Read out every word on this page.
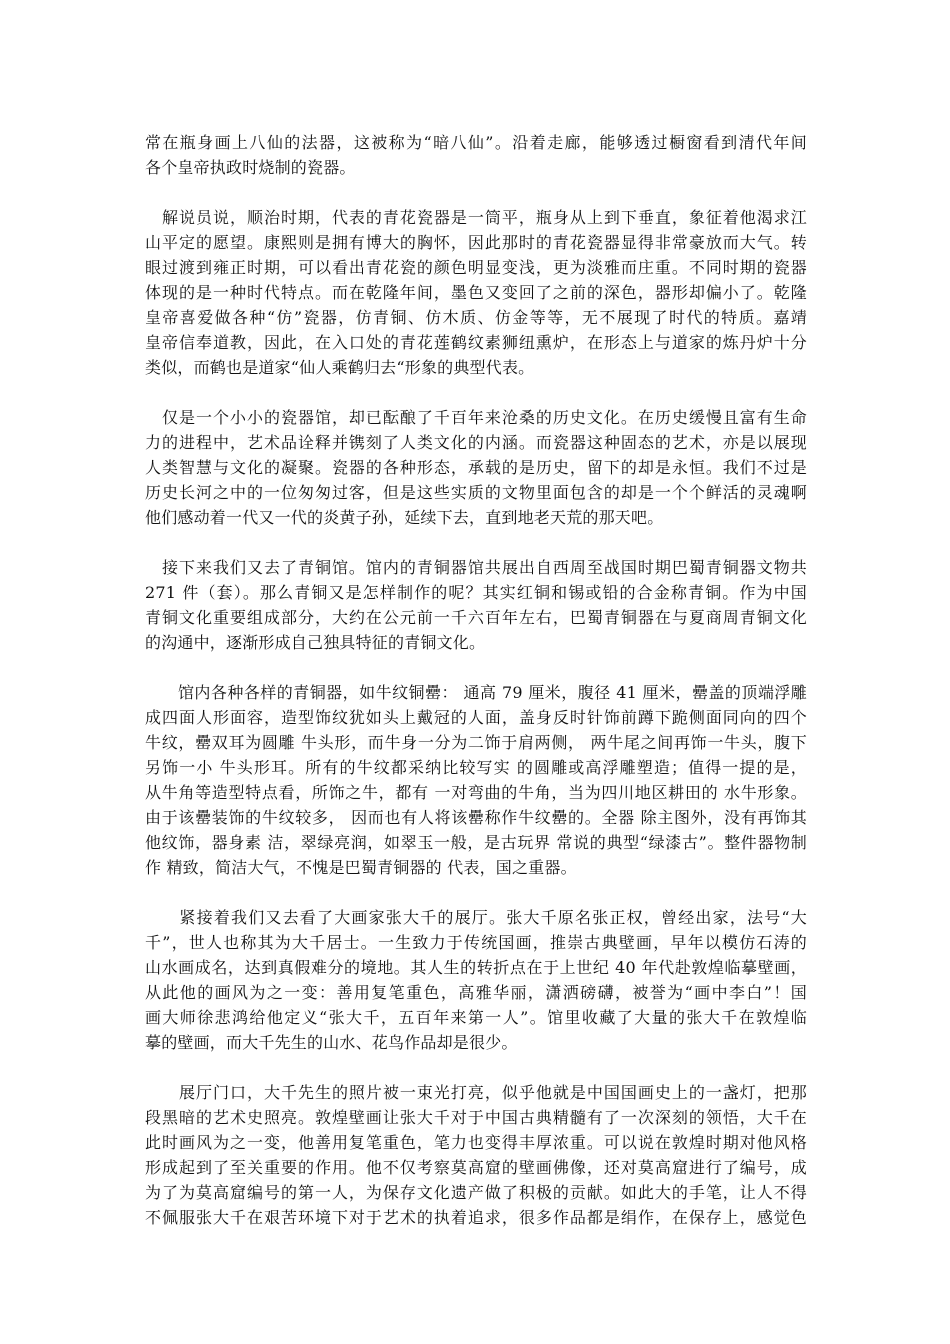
常在瓶身画上八仙的法器，这被称为“暗八仙”。沿着走廊，能够透过橱窗看到清代年间
各个皇帝执政时烧制的瓷器。
　解说员说，顺治时期，代表的青花瓷器是一筒平，瓶身从上到下垂直，象征着他渴求江
山平定的愿望。康熙则是拥有博大的胸怀，因此那时的青花瓷器显得非常豪放而大气。转
眼过渡到雍正时期，可以看出青花瓷的颜色明显变浅，更为淡雅而庄重。不同时期的瓷器
体现的是一种时代特点。而在乾隆年间，墨色又变回了之前的深色，器形却偏小了。乾隆
皇帝喜爱做各种“仿”瓷器，仿青铜、仿木质、仿金等等，无不展现了时代的特质。嘉靖
皇帝信奉道教，因此，在入口处的青花莲鹤纹素狮纽熏炉，在形态上与道家的炼丹炉十分
类似，而鹤也是道家“仙人乘鹤归去“形象的典型代表。
　仅是一个小小的瓷器馆，却已酝酿了千百年来沧桑的历史文化。在历史缓慢且富有生命
力的进程中，艺术品诠释并镌刻了人类文化的内涵。而瓷器这种固态的艺术，亦是以展现
人类智慧与文化的凝聚。瓷器的各种形态，承载的是历史，留下的却是永恒。我们不过是
历史长河之中的一位匆匆过客，但是这些实质的文物里面包含的却是一个个鲜活的灵魂啊
他们感动着一代又一代的炎黄子孙，延续下去，直到地老天荒的那天吧。
　接下来我们又去了青铜馆。馆内的青铜器馆共展出自西周至战国时期巴蜀青铜器文物共
271 件（套）。那么青铜又是怎样制作的呢？其实红铜和锡或铅的合金称青铜。作为中国
青铜文化重要组成部分，大约在公元前一千六百年左右，巴蜀青铜器在与夏商周青铜文化
的沟通中，逐渐形成自己独具特征的青铜文化。
　　馆内各种各样的青铜器，如牛纹铜罍： 通高 79 厘米，腹径 41 厘米，罍盖的顶端浮雕
成四面人形面容，造型饰纹犹如头上戴冠的人面，盖身反时针饰前蹲下跪侧面同向的四个
牛纹，罍双耳为圆雕 牛头形，而牛身一分为二饰于肩两侧， 两牛尾之间再饰一牛头，腹下
另饰一小 牛头形耳。所有的牛纹都采纳比较写实 的圆雕或高浮雕塑造；值得一提的是，
从牛角等造型特点看，所饰之牛，都有 一对弯曲的牛角，当为四川地区耕田的 水牛形象。
由于该罍装饰的牛纹较多， 因而也有人将该罍称作牛纹罍的。全器 除主图外，没有再饰其
他纹饰，器身素 洁，翠绿亮润，如翠玉一般，是古玩界 常说的典型“绿漆古”。整件器物制
作 精致，简洁大气，不愧是巴蜀青铜器的 代表，国之重器。
　　紧接着我们又去看了大画家张大千的展厅。张大千原名张正权，曾经出家，法号“大
千”，世人也称其为大千居士。一生致力于传统国画，推崇古典壁画，早年以模仿石涛的
山水画成名，达到真假难分的境地。其人生的转折点在于上世纪 40 年代赴敦煌临摹壁画，
从此他的画风为之一变：善用复笔重色，高雅华丽，潇洒磅礴，被誉为“画中李白”！国
画大师徐悲鸿给他定义“张大千，五百年来第一人”。馆里收藏了大量的张大千在敦煌临
摹的壁画，而大千先生的山水、花鸟作品却是很少。
　　展厅门口，大千先生的照片被一束光打亮，似乎他就是中国国画史上的一盏灯，把那
段黑暗的艺术史照亮。敦煌壁画让张大千对于中国古典精髓有了一次深刻的领悟，大千在
此时画风为之一变，他善用复笔重色，笔力也变得丰厚浓重。可以说在敦煌时期对他风格
形成起到了至关重要的作用。他不仅考察莫高窟的壁画佛像，还对莫高窟进行了编号，成
为了为莫高窟编号的第一人，为保存文化遗产做了积极的贡献。如此大的手笔，让人不得
不佩服张大千在艰苦环境下对于艺术的执着追求，很多作品都是绢作，在保存上，感觉色
